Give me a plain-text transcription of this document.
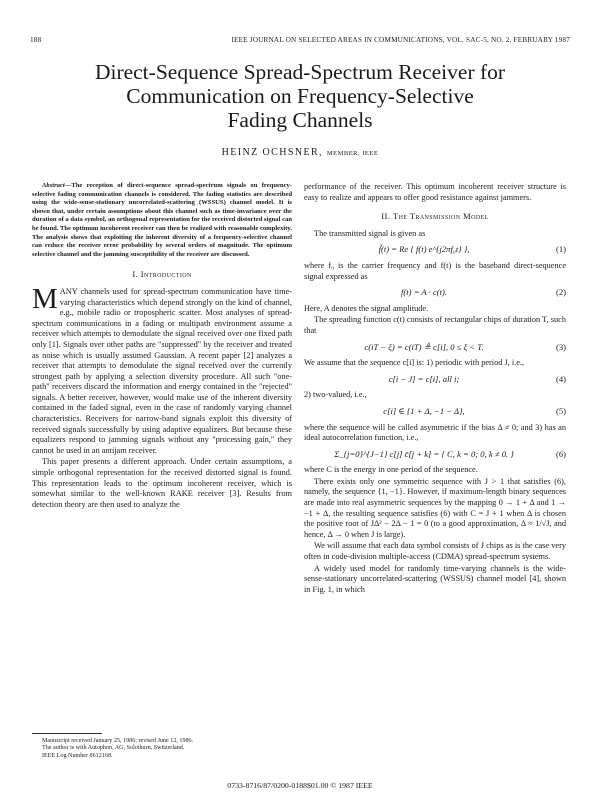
188	IEEE JOURNAL ON SELECTED AREAS IN COMMUNICATIONS, VOL. SAC-5, NO. 2, FEBRUARY 1987
Direct-Sequence Spread-Spectrum Receiver for
Communication on Frequency-Selective
Fading Channels
HEINZ OCHSNER, MEMBER, IEEE
Abstract—The reception of direct-sequence spread-spectrum signals on frequency-selective fading communication channels is considered. The fading statistics are described using the wide-sense-stationary uncorrelated-scattering (WSSUS) channel model. It is shown that, under certain assumptions about this channel such as time-invariance over the duration of a data symbol, an orthogonal representation for the received distorted signal can be found. The optimum incoherent receiver can then be realized with reasonable complexity. The analysis shows that exploiting the inherent diversity of a frequency-selective channel can reduce the receiver error probability by several orders of magnitude. The optimum selective channel and the jamming susceptibility of the receiver are discussed.
I. Introduction

MANY channels used for spread-spectrum communication have time-varying characteristics which depend strongly on the kind of channel, e.g., mobile radio or tropospheric scatter. Most analyses of spread-spectrum communications in a fading or multipath environment assume a receiver which attempts to demodulate the signal received over one fixed path only [1]. Signals over other paths are "suppressed" by the receiver and treated as noise which is usually assumed Gaussian. A recent paper [2] analyzes a receiver that attempts to demodulate the signal received over the currently strongest path by applying a selection diversity procedure. All such "one-path" receivers discard the information and energy contained in the "rejected" signals. A better receiver, however, would make use of the inherent diversity contained in the faded signal, even in the case of randomly varying channel characteristics. Receivers for narrow-band signals exploit this diversity of received signals successfully by using adaptive equalizers. But because these equalizers respond to jamming signals without any "processing gain," they cannot be used in an antijam receiver.

This paper presents a different approach. Under certain assumptions, a simple orthogonal representation for the received distorted signal is found. This representation leads to the optimum incoherent receiver, which is somewhat similar to the well-known RAKE receiver [3]. Results from detection theory are then used to analyze the

performance of the receiver. This optimum incoherent receiver structure is easy to realize and appears to offer good resistance against jammers.

II. The Transmission Model

The transmitted signal is given as

f̃(t) = Re { f(t) e^{j2πf₀t} },	(1)

where f₀ is the carrier frequency and f(t) is the baseband direct-sequence signal expressed as

f(t) = A · c(t).	(2)

Here, A denotes the signal amplitude.

The spreading function c(t) consists of rectangular chips of duration T, such that

c(iT − ξ) = c(iT) ≜ c[i], 0 ≤ ξ < T.	(3)

We assume that the sequence c[i] is: 1) periodic with period J, i.e.,

c[i − J] = c[i], all i;	(4)

2) two-valued, i.e.,

c[i] ∈ {1 + Δ, −1 − Δ},	(5)

where the sequence will be called asymmetric if the bias Δ ≠ 0; and 3) has an ideal autocorrelation function, i.e.,

Σ_{j=0}^{J−1} c[j] c̄[j + k] = { C, k = 0; 0, k ≠ 0. }	(6)

where C is the energy in one period of the sequence.

There exists only one symmetric sequence with J > 1 that satisfies (6), namely, the sequence {1, −1}. However, if maximum-length binary sequences are made into real asymmetric sequences by the mapping 0 → 1 + Δ and 1 → −1 + Δ, the resulting sequence satisfies (6) with C = J + 1 when Δ is chosen the positive root of JΔ² − 2Δ − 1 = 0 (to a good approximation, Δ ≈ 1/√J, and hence, Δ → 0 when J is large).

We will assume that each data symbol consists of J chips as is the case very often in code-division multiple-access (CDMA) spread-spectrum systems.

A widely used model for randomly time-varying channels is the wide-sense-stationary uncorrelated-scattering (WSSUS) channel model [4], shown in Fig. 1, in which

Manuscript received January 25, 1986; revised June 12, 1986.

The author is with Autophon, AG, Solothurn, Switzerland.

IEEE Log Number 8612168.

0733-8716/87/0200-0188$01.00 © 1987 IEEE
